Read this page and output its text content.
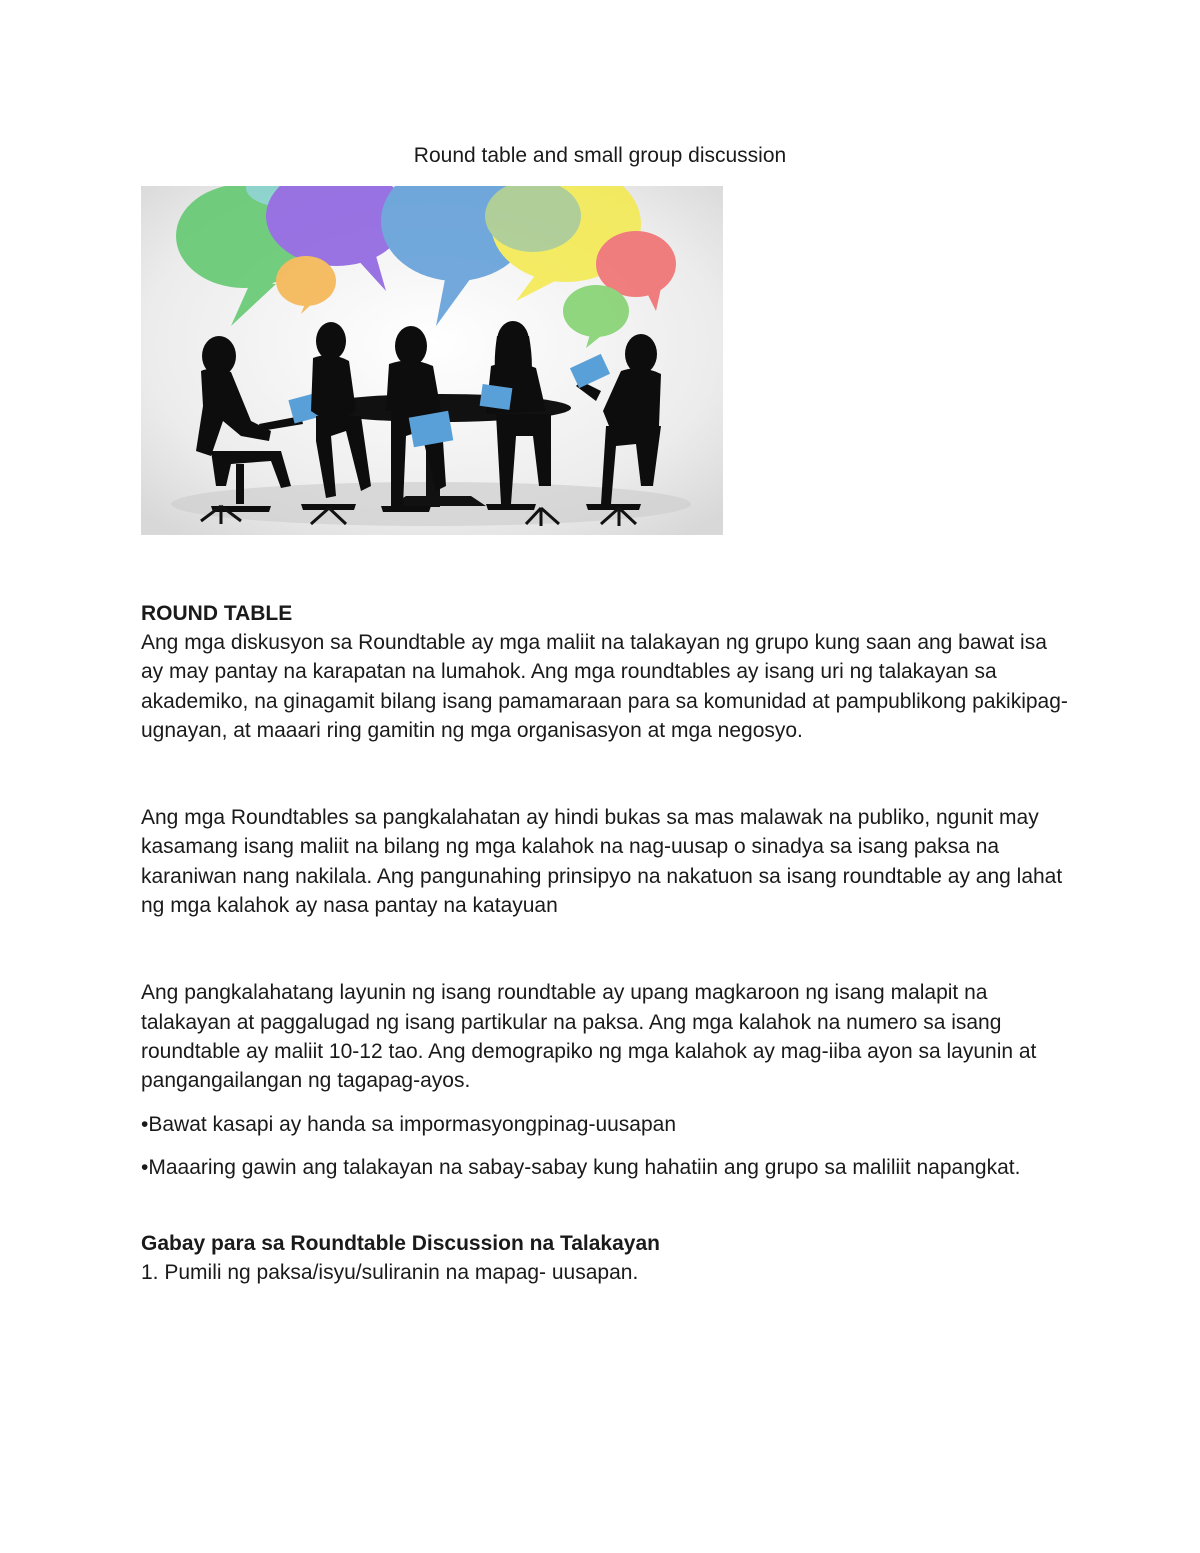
Round table and small group discussion

ROUND TABLE

Ang mga diskusyon sa Roundtable ay mga maliit na talakayan ng grupo kung saan ang bawat isa ay may pantay na karapatan na lumahok. Ang mga roundtables ay isang uri ng talakayan sa akademiko, na ginagamit bilang isang pamamaraan para sa komunidad at pampublikong pakikipag-ugnayan, at maaari ring gamitin ng mga organisasyon at mga negosyo.

Ang mga Roundtables sa pangkalahatan ay hindi bukas sa mas malawak na publiko, ngunit may kasamang isang maliit na bilang ng mga kalahok na nag-uusap o sinadya sa isang paksa na karaniwan nang nakilala. Ang pangunahing prinsipyo na nakatuon sa isang roundtable ay ang lahat ng mga kalahok ay nasa pantay na katayuan

Ang pangkalahatang layunin ng isang roundtable ay upang magkaroon ng isang malapit na talakayan at paggalugad ng isang partikular na paksa. Ang mga kalahok na numero sa isang roundtable ay maliit 10-12 tao. Ang demograpiko ng mga kalahok ay mag-iiba ayon sa layunin at pangangailangan ng tagapag-ayos.

•Bawat kasapi ay handa sa impormasyongpinag-uusapan

•Maaaring gawin ang talakayan na sabay-sabay kung hahatiin ang grupo sa maliliit napangkat.

Gabay para sa Roundtable Discussion na Talakayan

1. Pumili ng paksa/isyu/suliranin na mapag- uusapan.
